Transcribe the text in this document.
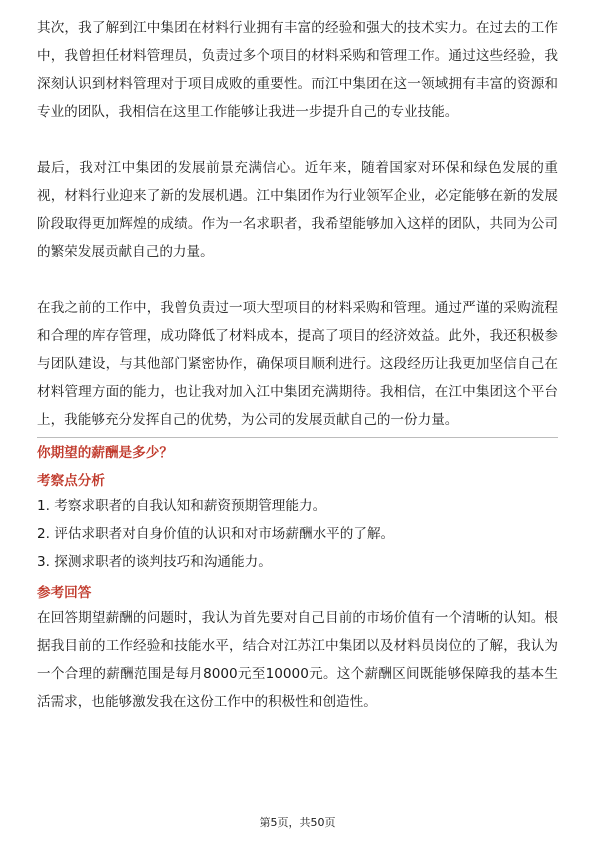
其次，我了解到江中集团在材料行业拥有丰富的经验和强大的技术实力。在过去的工作中，我曾担任材料管理员，负责过多个项目的材料采购和管理工作。通过这些经验，我深刻认识到材料管理对于项目成败的重要性。而江中集团在这一领域拥有丰富的资源和专业的团队，我相信在这里工作能够让我进一步提升自己的专业技能。

最后，我对江中集团的发展前景充满信心。近年来，随着国家对环保和绿色发展的重视，材料行业迎来了新的发展机遇。江中集团作为行业领军企业，必定能够在新的发展阶段取得更加辉煌的成绩。作为一名求职者，我希望能够加入这样的团队，共同为公司的繁荣发展贡献自己的力量。

在我之前的工作中，我曾负责过一项大型项目的材料采购和管理。通过严谨的采购流程和合理的库存管理，成功降低了材料成本，提高了项目的经济效益。此外，我还积极参与团队建设，与其他部门紧密协作，确保项目顺利进行。这段经历让我更加坚信自己在材料管理方面的能力，也让我对加入江中集团充满期待。我相信，在江中集团这个平台上，我能够充分发挥自己的优势，为公司的发展贡献自己的一份力量。

你期望的薪酬是多少？

考察点分析

1. 考察求职者的自我认知和薪资预期管理能力。
2. 评估求职者对自身价值的认识和对市场薪酬水平的了解。
3. 探测求职者的谈判技巧和沟通能力。

参考回答

在回答期望薪酬的问题时，我认为首先要对自己目前的市场价值有一个清晰的认知。根据我目前的工作经验和技能水平，结合对江苏江中集团以及材料员岗位的了解，我认为一个合理的薪酬范围是每月8000元至10000元。这个薪酬区间既能够保障我的基本生活需求，也能够激发我在这份工作中的积极性和创造性。

第5页，共50页
